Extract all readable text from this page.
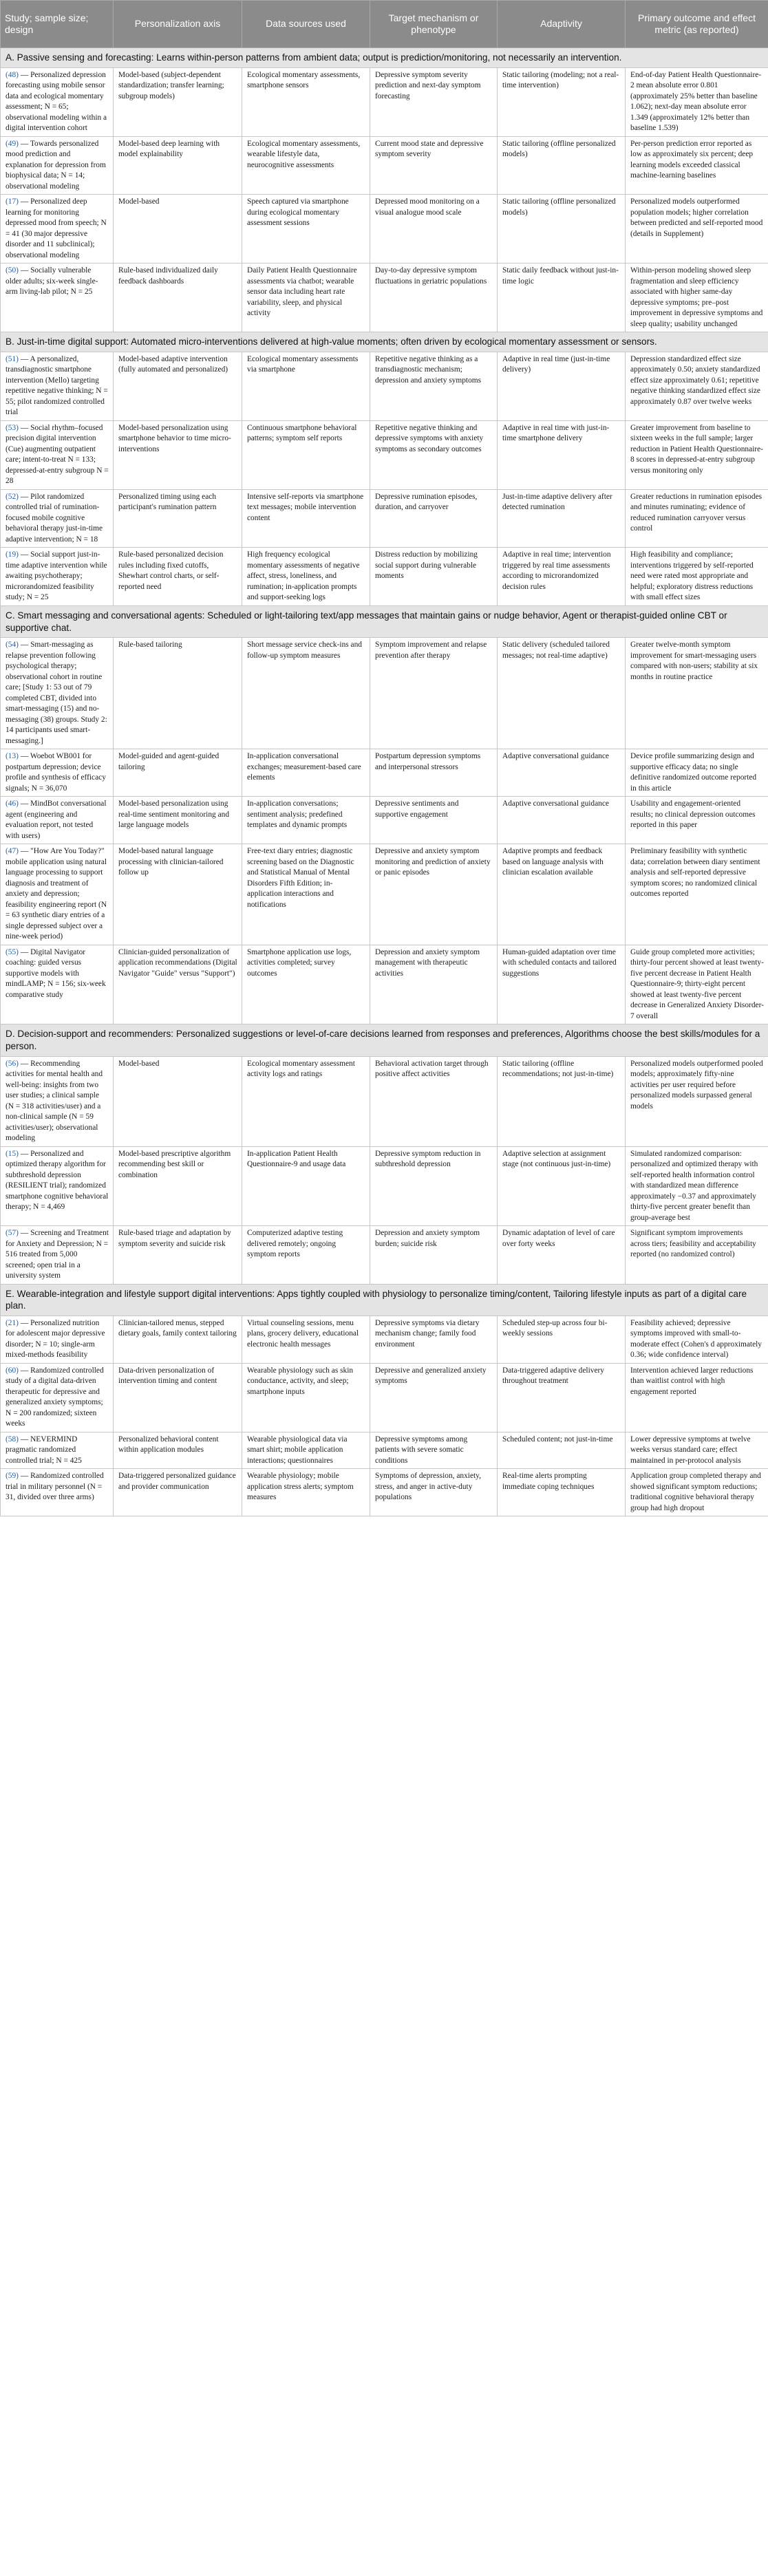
Study; sample size; design	Personalization axis	Data sources used	Target mechanism or phenotype	Adaptivity	Primary outcome and effect metric (as reported)
A. Passive sensing and forecasting: Learns within-person patterns from ambient data; output is prediction/monitoring, not necessarily an intervention.					
(48) — Personalized depression forecasting using mobile sensor data and ecological momentary assessment; N = 65; observational modeling within a digital intervention cohort	Model-based (subject-dependent standardization; transfer learning; subgroup models)	Ecological momentary assessments, smartphone sensors	Depressive symptom severity prediction and next-day symptom forecasting	Static tailoring (modeling; not a real-time intervention)	End-of-day Patient Health Questionnaire-2 mean absolute error 0.801 (approximately 25% better than baseline 1.062); next-day mean absolute error 1.349 (approximately 12% better than baseline 1.539)
(49) — Towards personalized mood prediction and explanation for depression from biophysical data; N = 14; observational modeling	Model-based deep learning with model explainability	Ecological momentary assessments, wearable lifestyle data, neurocognitive assessments	Current mood state and depressive symptom severity	Static tailoring (offline personalized models)	Per-person prediction error reported as low as approximately six percent; deep learning models exceeded classical machine-learning baselines
(17) — Personalized deep learning for monitoring depressed mood from speech; N = 41 (30 major depressive disorder and 11 subclinical); observational modeling	Model-based	Speech captured via smartphone during ecological momentary assessment sessions	Depressed mood monitoring on a visual analogue mood scale	Static tailoring (offline personalized models)	Personalized models outperformed population models; higher correlation between predicted and self-reported mood (details in Supplement)
(50) — Socially vulnerable older adults; six-week single-arm living-lab pilot; N = 25	Rule-based individualized daily feedback dashboards	Daily Patient Health Questionnaire assessments via chatbot; wearable sensor data including heart rate variability, sleep, and physical activity	Day-to-day depressive symptom fluctuations in geriatric populations	Static daily feedback without just-in-time logic	Within-person modeling showed sleep fragmentation and sleep efficiency associated with higher same-day depressive symptoms; pre–post improvement in depressive symptoms and sleep quality; usability unchanged
B. Just-in-time digital support: Automated micro-interventions delivered at high-value moments; often driven by ecological momentary assessment or sensors.					
(51) — A personalized, transdiagnostic smartphone intervention (Mello) targeting repetitive negative thinking; N = 55; pilot randomized controlled trial	Model-based adaptive intervention (fully automated and personalized)	Ecological momentary assessments via smartphone	Repetitive negative thinking as a transdiagnostic mechanism; depression and anxiety symptoms	Adaptive in real time (just-in-time delivery)	Depression standardized effect size approximately 0.50; anxiety standardized effect size approximately 0.61; repetitive negative thinking standardized effect size approximately 0.87 over twelve weeks
(53) — Social rhythm–focused precision digital intervention (Cue) augmenting outpatient care; intent-to-treat N = 133; depressed-at-entry subgroup N = 28	Model-based personalization using smartphone behavior to time micro-interventions	Continuous smartphone behavioral patterns; symptom self reports	Repetitive negative thinking and depressive symptoms with anxiety symptoms as secondary outcomes	Adaptive in real time with just-in-time smartphone delivery	Greater improvement from baseline to sixteen weeks in the full sample; larger reduction in Patient Health Questionnaire-8 scores in depressed-at-entry subgroup versus monitoring only
(52) — Pilot randomized controlled trial of rumination-focused mobile cognitive behavioral therapy just-in-time adaptive intervention; N = 18	Personalized timing using each participant's rumination pattern	Intensive self-reports via smartphone text messages; mobile intervention content	Depressive rumination episodes, duration, and carryover	Just-in-time adaptive delivery after detected rumination	Greater reductions in rumination episodes and minutes ruminating; evidence of reduced rumination carryover versus control
(19) — Social support just-in-time adaptive intervention while awaiting psychotherapy; microrandomized feasibility study; N = 25	Rule-based personalized decision rules including fixed cutoffs, Shewhart control charts, or self-reported need	High frequency ecological momentary assessments of negative affect, stress, loneliness, and rumination; in-application prompts and support-seeking logs	Distress reduction by mobilizing social support during vulnerable moments	Adaptive in real time; intervention triggered by real time assessments according to microrandomized decision rules	High feasibility and compliance; interventions triggered by self-reported need were rated most appropriate and helpful; exploratory distress reductions with small effect sizes
C. Smart messaging and conversational agents: Scheduled or light-tailoring text/app messages that maintain gains or nudge behavior, Agent or therapist-guided online CBT or supportive chat.					
(54) — Smart-messaging as relapse prevention following psychological therapy; observational cohort in routine care; [Study 1: 53 out of 79 completed CBT, divided into smart-messaging (15) and no-messaging (38) groups. Study 2: 14 participants used smart-messaging.]	Rule-based tailoring	Short message service check-ins and follow-up symptom measures	Symptom improvement and relapse prevention after therapy	Static delivery (scheduled tailored messages; not real-time adaptive)	Greater twelve-month symptom improvement for smart-messaging users compared with non-users; stability at six months in routine practice
(13) — Woebot WB001 for postpartum depression; device profile and synthesis of efficacy signals; N = 36,070	Model-guided and agent-guided tailoring	In-application conversational exchanges; measurement-based care elements	Postpartum depression symptoms and interpersonal stressors	Adaptive conversational guidance	Device profile summarizing design and supportive efficacy data; no single definitive randomized outcome reported in this article
(46) — MindBot conversational agent (engineering and evaluation report, not tested with users)	Model-based personalization using real-time sentiment monitoring and large language models	In-application conversations; sentiment analysis; predefined templates and dynamic prompts	Depressive sentiments and supportive engagement	Adaptive conversational guidance	Usability and engagement-oriented results; no clinical depression outcomes reported in this paper
(47) — "How Are You Today?" mobile application using natural language processing to support diagnosis and treatment of anxiety and depression; feasibility engineering report (N = 63 synthetic diary entries of a single depressed subject over a nine-week period)	Model-based natural language processing with clinician-tailored follow up	Free-text diary entries; diagnostic screening based on the Diagnostic and Statistical Manual of Mental Disorders Fifth Edition; in-application interactions and notifications	Depressive and anxiety symptom monitoring and prediction of anxiety or panic episodes	Adaptive prompts and feedback based on language analysis with clinician escalation available	Preliminary feasibility with synthetic data; correlation between diary sentiment analysis and self-reported depressive symptom scores; no randomized clinical outcomes reported
(55) — Digital Navigator coaching: guided versus supportive models with mindLAMP; N = 156; six-week comparative study	Clinician-guided personalization of application recommendations (Digital Navigator "Guide" versus "Support")	Smartphone application use logs, activities completed; survey outcomes	Depression and anxiety symptom management with therapeutic activities	Human-guided adaptation over time with scheduled contacts and tailored suggestions	Guide group completed more activities; thirty-four percent showed at least twenty-five percent decrease in Patient Health Questionnaire-9; thirty-eight percent showed at least twenty-five percent decrease in Generalized Anxiety Disorder-7 overall
D. Decision-support and recommenders: Personalized suggestions or level-of-care decisions learned from responses and preferences, Algorithms choose the best skills/modules for a person.					
(56) — Recommending activities for mental health and well-being: insights from two user studies; a clinical sample (N = 318 activities/user) and a non-clinical sample (N = 59 activities/user); observational modeling	Model-based	Ecological momentary assessment activity logs and ratings	Behavioral activation target through positive affect activities	Static tailoring (offline recommendations; not just-in-time)	Personalized models outperformed pooled models; approximately fifty-nine activities per user required before personalized models surpassed general models
(15) — Personalized and optimized therapy algorithm for subthreshold depression (RESILIENT trial); randomized smartphone cognitive behavioral therapy; N = 4,469	Model-based prescriptive algorithm recommending best skill or combination	In-application Patient Health Questionnaire-9 and usage data	Depressive symptom reduction in subthreshold depression	Adaptive selection at assignment stage (not continuous just-in-time)	Simulated randomized comparison: personalized and optimized therapy with self-reported health information control with standardized mean difference approximately −0.37 and approximately thirty-five percent greater benefit than group-average best
(57) — Screening and Treatment for Anxiety and Depression; N = 516 treated from 5,000 screened; open trial in a university system	Rule-based triage and adaptation by symptom severity and suicide risk	Computerized adaptive testing delivered remotely; ongoing symptom reports	Depression and anxiety symptom burden; suicide risk	Dynamic adaptation of level of care over forty weeks	Significant symptom improvements across tiers; feasibility and acceptability reported (no randomized control)
E. Wearable-integration and lifestyle support digital interventions: Apps tightly coupled with physiology to personalize timing/content, Tailoring lifestyle inputs as part of a digital care plan.					
(21) — Personalized nutrition for adolescent major depressive disorder; N = 10; single-arm mixed-methods feasibility	Clinician-tailored menus, stepped dietary goals, family context tailoring	Virtual counseling sessions, menu plans, grocery delivery, educational electronic health messages	Depressive symptoms via dietary mechanism change; family food environment	Scheduled step-up across four bi-weekly sessions	Feasibility achieved; depressive symptoms improved with small-to-moderate effect (Cohen's d approximately 0.36; wide confidence interval)
(60) — Randomized controlled study of a digital data-driven therapeutic for depressive and generalized anxiety symptoms; N = 200 randomized; sixteen weeks	Data-driven personalization of intervention timing and content	Wearable physiology such as skin conductance, activity, and sleep; smartphone inputs	Depressive and generalized anxiety symptoms	Data-triggered adaptive delivery throughout treatment	Intervention achieved larger reductions than waitlist control with high engagement reported
(58) — NEVERMIND pragmatic randomized controlled trial; N = 425	Personalized behavioral content within application modules	Wearable physiological data via smart shirt; mobile application interactions; questionnaires	Depressive symptoms among patients with severe somatic conditions	Scheduled content; not just-in-time	Lower depressive symptoms at twelve weeks versus standard care; effect maintained in per-protocol analysis
(59) — Randomized controlled trial in military personnel (N = 31, divided over three arms)	Data-triggered personalized guidance and provider communication	Wearable physiology; mobile application stress alerts; symptom measures	Symptoms of depression, anxiety, stress, and anger in active-duty populations	Real-time alerts prompting immediate coping techniques	Application group completed therapy and showed significant symptom reductions; traditional cognitive behavioral therapy group had high dropout
